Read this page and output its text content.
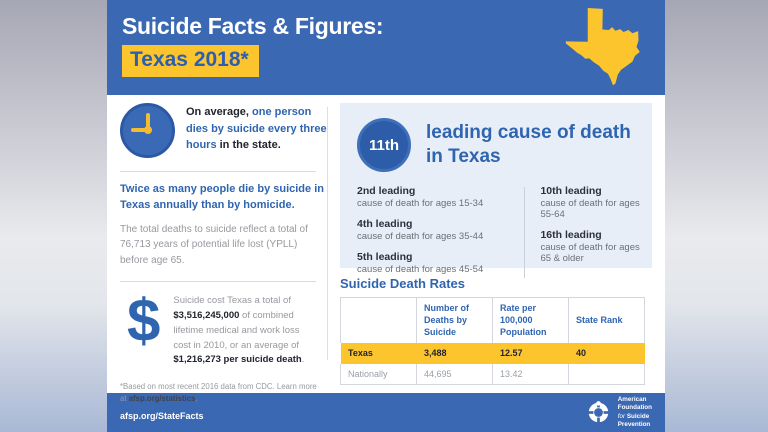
Suicide Facts & Figures:
Texas 2018*

On average, one person dies by suicide every three hours in the state.

Twice as many people die by suicide in Texas annually than by homicide.

The total deaths to suicide reflect a total of 76,713 years of potential life lost (YPLL) before age 65.

$ Suicide cost Texas a total of $3,516,245,000 of combined lifetime medical and work loss cost in 2010, or an average of $1,216,273 per suicide death.

*Based on most recent 2016 data from CDC. Learn more at afsp.org/statistics.

11th
leading cause of death
in Texas
2nd leading
cause of death for ages 15-34
4th leading
cause of death for ages 35-44
5th leading
cause of death for ages 45-54
10th leading
cause of death for ages 55-64
16th leading
cause of death for ages 65 & older
Suicide Death Rates
	Number of Deaths by Suicide	Rate per 100,000 Population	State Rank
Texas	3,488	12.57	40
Nationally	44,695	13.42	
afsp.org/StateFacts
American
Foundation
for Suicide
Prevention
